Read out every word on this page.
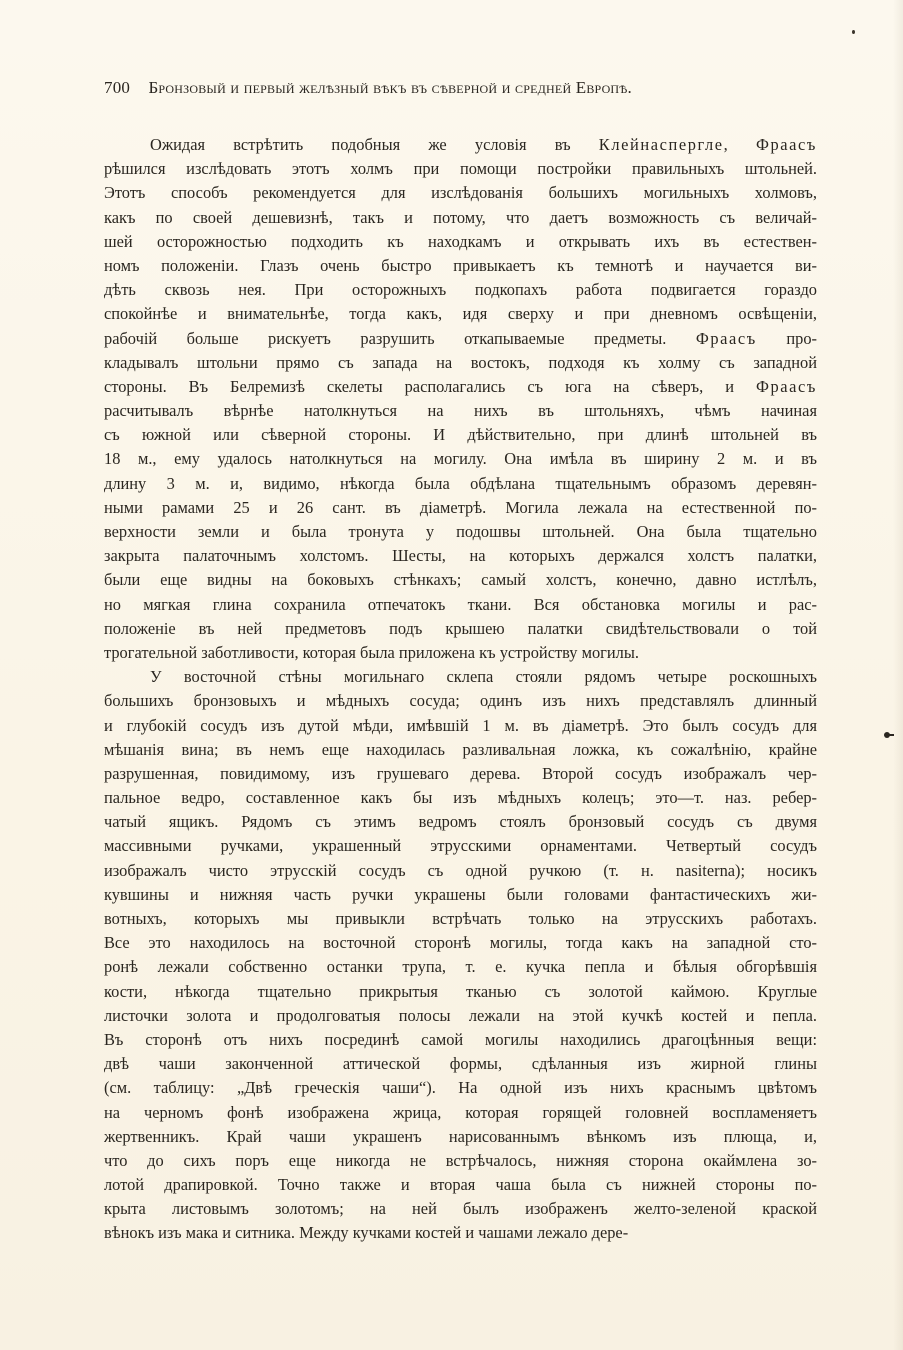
700 Бронзовый и первый желѣзный вѣкъ въ сѣверной и средней Европѣ.
Ожидая встрѣтить подобныя же условія въ Клейнаспергле, Фраасъ
рѣшился изслѣдовать этотъ холмъ при помощи постройки правильныхъ штольней.
Этотъ способъ рекомендуется для изслѣдованія большихъ могильныхъ холмовъ,
какъ по своей дешевизнѣ, такъ и потому, что даетъ возможность съ величай-
шей осторожностью подходить къ находкамъ и открывать ихъ въ естествен-
номъ положеніи. Глазъ очень быстро привыкаетъ къ темнотѣ и научается ви-
дѣть сквозь нея. При осторожныхъ подкопахъ работа подвигается гораздо
спокойнѣе и внимательнѣе, тогда какъ, идя сверху и при дневномъ освѣщеніи,
рабочій больше рискуетъ разрушить откапываемые предметы. Фраасъ про-
кладывалъ штольни прямо съ запада на востокъ, подходя къ холму съ западной
стороны. Въ Белремизѣ скелеты располагались съ юга на сѣверъ, и Фраасъ
расчитывалъ вѣрнѣе натолкнуться на нихъ въ штольняхъ, чѣмъ начиная
съ южной или сѣверной стороны. И дѣйствительно, при длинѣ штольней въ
18 м., ему удалось натолкнуться на могилу. Она имѣла въ ширину 2 м. и въ
длину 3 м. и, видимо, нѣкогда была обдѣлана тщательнымъ образомъ деревян-
ными рамами 25 и 26 сант. въ діаметрѣ. Могила лежала на естественной по-
верхности земли и была тронута у подошвы штольней. Она была тщательно
закрыта палаточнымъ холстомъ. Шесты, на которыхъ держался холстъ палатки,
были еще видны на боковыхъ стѣнкахъ; самый холстъ, конечно, давно истлѣлъ,
но мягкая глина сохранила отпечатокъ ткани. Вся обстановка могилы и рас-
положеніе въ ней предметовъ подъ крышею палатки свидѣтельствовали о той
трогательной заботливости, которая была приложена къ устройству могилы.
У восточной стѣны могильнаго склепа стояли рядомъ четыре роскошныхъ
большихъ бронзовыхъ и мѣдныхъ сосуда; одинъ изъ нихъ представлялъ длинный
и глубокій сосудъ изъ дутой мѣди, имѣвшій 1 м. въ діаметрѣ. Это былъ сосудъ для
мѣшанія вина; въ немъ еще находилась разливальная ложка, къ сожалѣнію, крайне
разрушенная, повидимому, изъ грушеваго дерева. Второй сосудъ изображалъ чер-
пальное ведро, составленное какъ бы изъ мѣдныхъ колецъ; это—т. наз. ребер-
чатый ящикъ. Рядомъ съ этимъ ведромъ стоялъ бронзовый сосудъ съ двумя
массивными ручками, украшенный этрусскими орнаментами. Четвертый сосудъ
изображалъ чисто этрусскій сосудъ съ одной ручкою (т. н. nasiterna); носикъ
кувшины и нижняя часть ручки украшены были головами фантастическихъ жи-
вотныхъ, которыхъ мы привыкли встрѣчать только на этрусскихъ работахъ.
Все это находилось на восточной сторонѣ могилы, тогда какъ на западной сто-
ронѣ лежали собственно останки трупа, т. е. кучка пепла и бѣлыя обгорѣвшія
кости, нѣкогда тщательно прикрытыя тканью съ золотой каймою. Круглые
листочки золота и продолговатыя полосы лежали на этой кучкѣ костей и пепла.
Въ сторонѣ отъ нихъ посрединѣ самой могилы находились драгоцѣнныя вещи:
двѣ чаши законченной аттической формы, сдѣланныя изъ жирной глины
(см. таблицу: „Двѣ греческія чаши“). На одной изъ нихъ краснымъ цвѣтомъ
на черномъ фонѣ изображена жрица, которая горящей головней воспламеняетъ
жертвенникъ. Край чаши украшенъ нарисованнымъ вѣнкомъ изъ плюща, и,
что до сихъ поръ еще никогда не встрѣчалось, нижняя сторона окаймлена зо-
лотой драпировкой. Точно также и вторая чаша была съ нижней стороны по-
крыта листовымъ золотомъ; на ней былъ изображенъ желто-зеленой краской
вѣнокъ изъ мака и ситника. Между кучками костей и чашами лежало дере-
